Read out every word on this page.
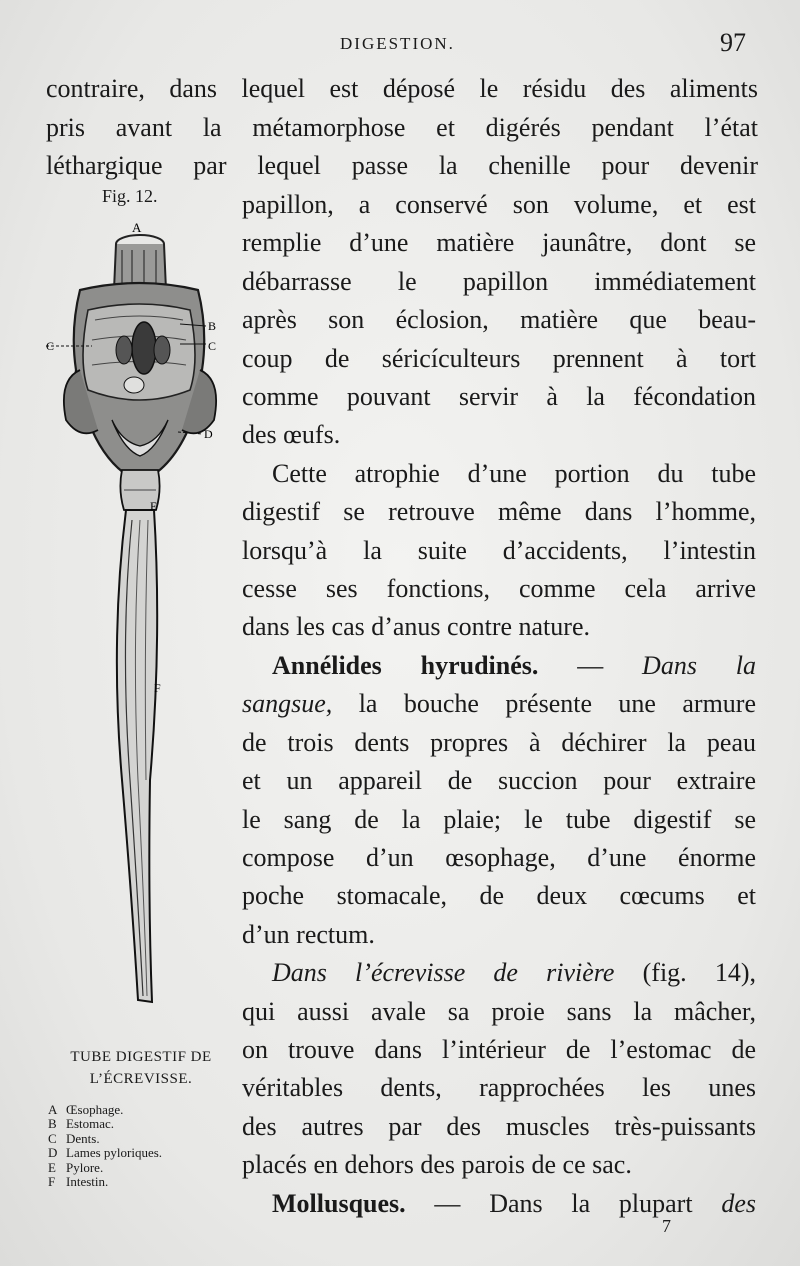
DIGESTION.	97
contraire, dans lequel est déposé le résidu des aliments
pris avant la métamorphose et digérés pendant l’état
léthargique par lequel passe la chenille pour devenir
Fig. 12.
A
B
C	C
D
E
F
TUBE DIGESTIF DE
L’ÉCREVISSE.
A Œsophage.
B Estomac.
C Dents.
D Lames pyloriques.
E Pylore.
F Intestin.
papillon, a conservé son volume, et est
remplie d’une matière jaunâtre, dont se
débarrasse le papillon immédiatement
après son éclosion, matière que beau-
coup de séricículteurs prennent à tort
comme pouvant servir à la fécondation
des œufs.
Cette atrophie d’une portion du tube
digestif se retrouve même dans l’homme,
lorsqu’à la suite d’accidents, l’intestin
cesse ses fonctions, comme cela arrive
dans les cas d’anus contre nature.
Annélides hyrudinés. — Dans la
sangsue, la bouche présente une armure
de trois dents propres à déchirer la peau
et un appareil de succion pour extraire
le sang de la plaie; le tube digestif se
compose d’un œsophage, d’une énorme
poche stomacale, de deux cœcums et
d’un rectum.
Dans l’écrevisse de rivière (fig. 14),
qui aussi avale sa proie sans la mâcher,
on trouve dans l’intérieur de l’estomac de
véritables dents, rapprochées les unes
des autres par des muscles très-puissants
placés en dehors des parois de ce sac.
Mollusques. — Dans la plupart des
7
